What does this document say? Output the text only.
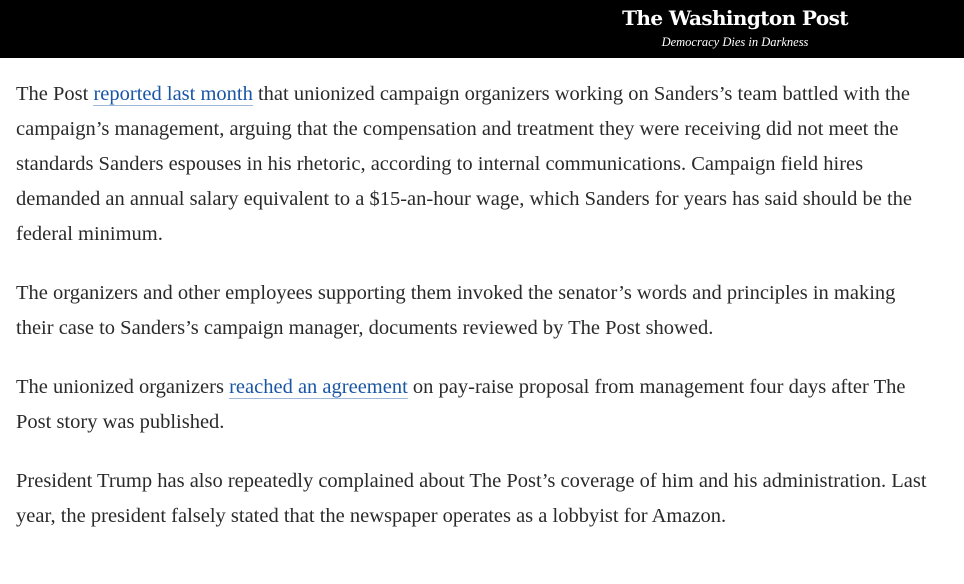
The Washington Post
Democracy Dies in Darkness

The Post reported last month that unionized campaign organizers working on Sanders’s team battled with the campaign’s management, arguing that the compensation and treatment they were receiving did not meet the standards Sanders espouses in his rhetoric, according to internal communications. Campaign field hires demanded an annual salary equivalent to a $15-an-hour wage, which Sanders for years has said should be the federal minimum.

The organizers and other employees supporting them invoked the senator’s words and principles in making their case to Sanders’s campaign manager, documents reviewed by The Post showed.

The unionized organizers reached an agreement on pay-raise proposal from management four days after The Post story was published.

President Trump has also repeatedly complained about The Post’s coverage of him and his administration. Last year, the president falsely stated that the newspaper operates as a lobbyist for Amazon.
